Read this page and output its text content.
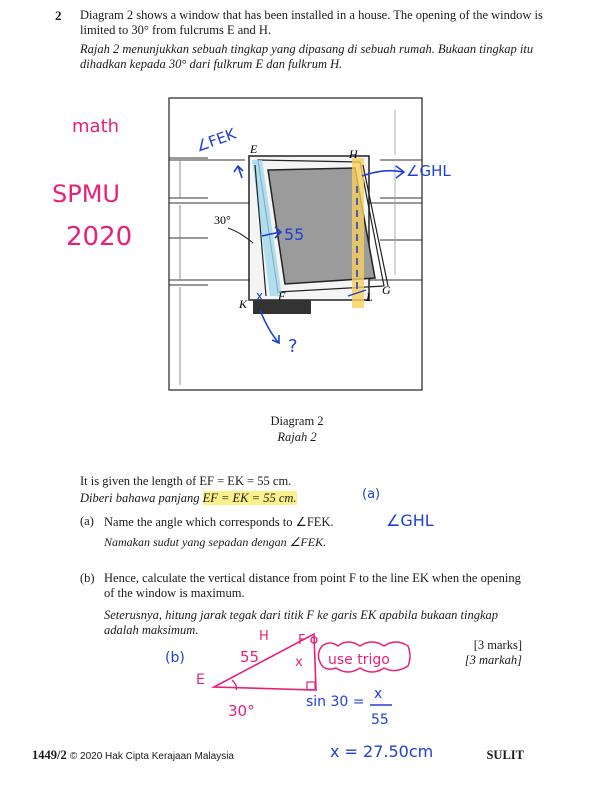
2 Diagram 2 shows a window that has been installed in a house. The opening of the window is limited to 30° from fulcrums E and H.
Rajah 2 menunjukkan sebuah tingkap yang dipasang di sebuah rumah. Bukaan tingkap itu dihadkan kepada 30° dari fulkrum E dan fulkrum H.
E	H
K
F	L G
30°
math
SPMU
2020
∠FEK
∠GHL
55
x
?
(a)
∠GHL
(b)
E
H F
55	x
30°
use trigo
sin 30 = x
55
x = 27.50cm
Diagram 2
Rajah 2
It is given the length of EF = EK = 55 cm.
Diberi bahawa panjang EF = EK = 55 cm.
(a) Name the angle which corresponds to ∠FEK.
Namakan sudut yang sepadan dengan ∠FEK.
(b) Hence, calculate the vertical distance from point F to the line EK when the opening of the window is maximum.
Seterusnya, hitung jarak tegak dari titik F ke garis EK apabila bukaan tingkap adalah maksimum.
[3 marks]
[3 markah]
1449/2 © 2020 Hak Cipta Kerajaan Malaysia	SULIT
